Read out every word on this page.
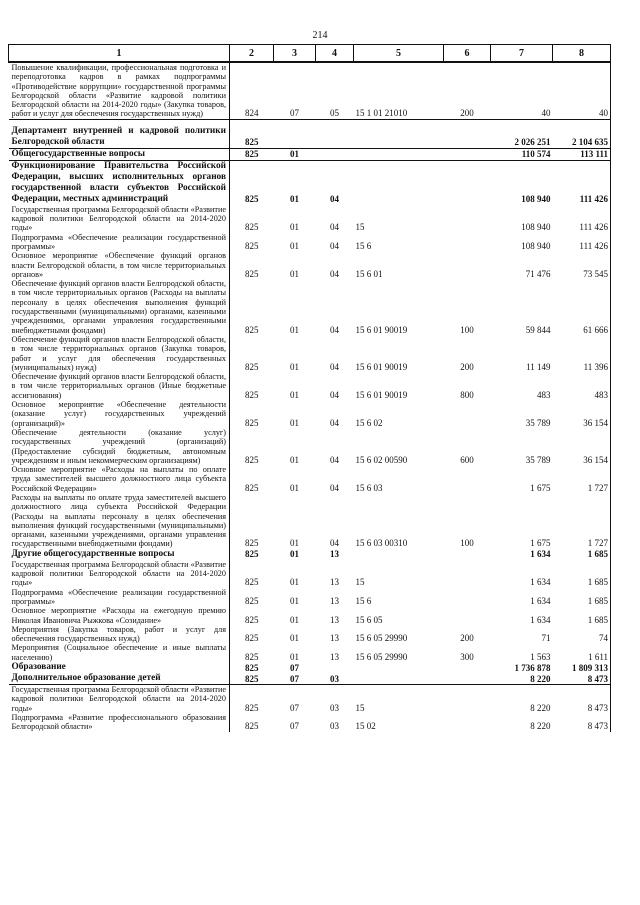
214
1	2	3	4	5	6	7	8
Повышение квалификации, профессиональная подготовка и переподготовка кадров в рамках подпрограммы «Противодействие коррупции» государственной программы Белгородской области «Развитие кадровой политики Белгородской области на 2014-2020 годы» (Закупка товаров, работ и услуг для обеспечения государственных нужд)	824	07	05	15 1 01 21010	200	40	40
Департамент внутренней и кадровой политики Белгородской области	825					2 026 251	2 104 635
Общегосударственные вопросы	825	01				110 574	113 111
Функционирование Правительства Российской Федерации, высших исполнительных органов государственной власти субъектов Российской Федерации, местных администраций	825	01	04			108 940	111 426
Государственная программа Белгородской области «Развитие кадровой политики Белгородской области на 2014-2020 годы»	825	01	04	15		108 940	111 426
Подпрограмма «Обеспечение реализации государственной программы»	825	01	04	15 6		108 940	111 426
Основное мероприятие «Обеспечение функций органов власти Белгородской области, в том числе территориальных органов»	825	01	04	15 6 01		71 476	73 545
Обеспечение функций органов власти Белгородской области, в том числе территориальных органов (Расходы на выплаты персоналу в целях обеспечения выполнения функций государственными (муниципальными) органами, казенными учреждениями, органами управления государственными внебюджетными фондами)	825	01	04	15 6 01 90019	100	59 844	61 666
Обеспечение функций органов власти Белгородской области, в том числе территориальных органов (Закупка товаров, работ и услуг для обеспечения государственных (муниципальных) нужд)	825	01	04	15 6 01 90019	200	11 149	11 396
Обеспечение функций органов власти Белгородской области, в том числе территориальных органов (Иные бюджетные ассигнования)	825	01	04	15 6 01 90019	800	483	483
Основное мероприятие «Обеспечение деятельности (оказание услуг) государственных учреждений (организаций)»	825	01	04	15 6 02		35 789	36 154
Обеспечение деятельности (оказание услуг) государственных учреждений (организаций) (Предоставление субсидий бюджетным, автономным учреждениям и иным некоммерческим организациям)	825	01	04	15 6 02 00590	600	35 789	36 154
Основное мероприятие «Расходы на выплаты по оплате труда заместителей высшего должностного лица субъекта Российской Федерации»	825	01	04	15 6 03		1 675	1 727
Расходы на выплаты по оплате труда заместителей высшего должностного лица субъекта Российской Федерации (Расходы на выплаты персоналу в целях обеспечения выполнения функций государственными (муниципальными) органами, казенными учреждениями, органами управления государственными внебюджетными фондами)	825	01	04	15 6 03 00310	100	1 675	1 727
Другие общегосударственные вопросы	825	01	13			1 634	1 685
Государственная программа Белгородской области «Развитие кадровой политики Белгородской области на 2014-2020 годы»	825	01	13	15		1 634	1 685
Подпрограмма «Обеспечение реализации государственной программы»	825	01	13	15 6		1 634	1 685
Основное мероприятие «Расходы на ежегодную премию Николая Ивановича Рыжкова «Созидание»	825	01	13	15 6 05		1 634	1 685
Мероприятия (Закупка товаров, работ и услуг для обеспечения государственных нужд)	825	01	13	15 6 05 29990	200	71	74
Мероприятия (Социальное обеспечение и иные выплаты населению)	825	01	13	15 6 05 29990	300	1 563	1 611
Образование	825	07				1 736 878	1 809 313
Дополнительное образование детей	825	07	03			8 220	8 473
Государственная программа Белгородской области «Развитие кадровой политики Белгородской области на 2014-2020 годы»	825	07	03	15		8 220	8 473
Подпрограмма «Развитие профессионального образования Белгородской области»	825	07	03	15 02		8 220	8 473
